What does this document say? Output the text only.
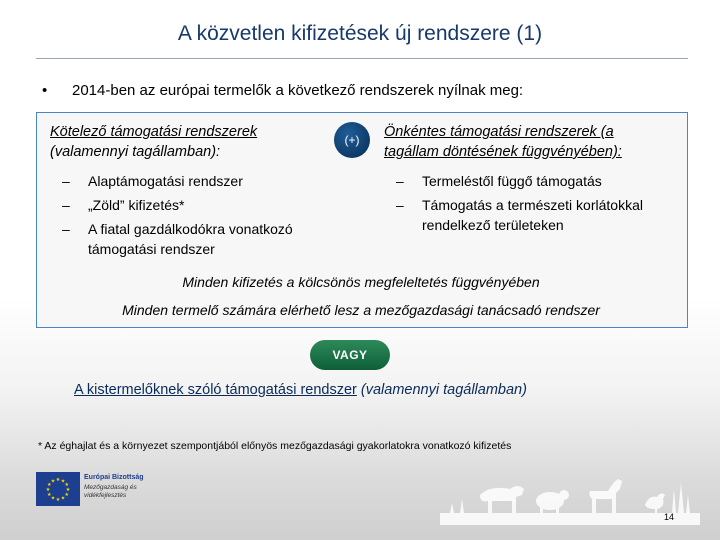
A közvetlen kifizetések új rendszere (1)
• 2014-ben az európai termelők a következő rendszerek nyílnak meg:
Kötelező támogatási rendszerek
(valamennyi tagállamban):
– Alaptámogatási rendszer
– „Zöld” kifizetés*
– A fiatal gazdálkodókra vonatkozó
támogatási rendszer
(+)	Önkéntes támogatási rendszerek (a
tagállam döntésének függvényében):
– Termeléstől függő támogatás
– Támogatás a természeti korlátokkal
rendelkező területeken
Minden kifizetés a kölcsönös megfeleltetés függvényében
Minden termelő számára elérhető lesz a mezőgazdasági tanácsadó rendszer
VAGY
A kistermelőknek szóló támogatási rendszer (valamennyi tagállamban)
* Az éghajlat és a környezet szempontjából előnyös mezőgazdasági gyakorlatokra vonatkozó kifizetés
★ ★
★
★
★
★
★
★
★
★
★
★
Európai Bizottság
Mezőgazdaság és vidékfejlesztés
14
